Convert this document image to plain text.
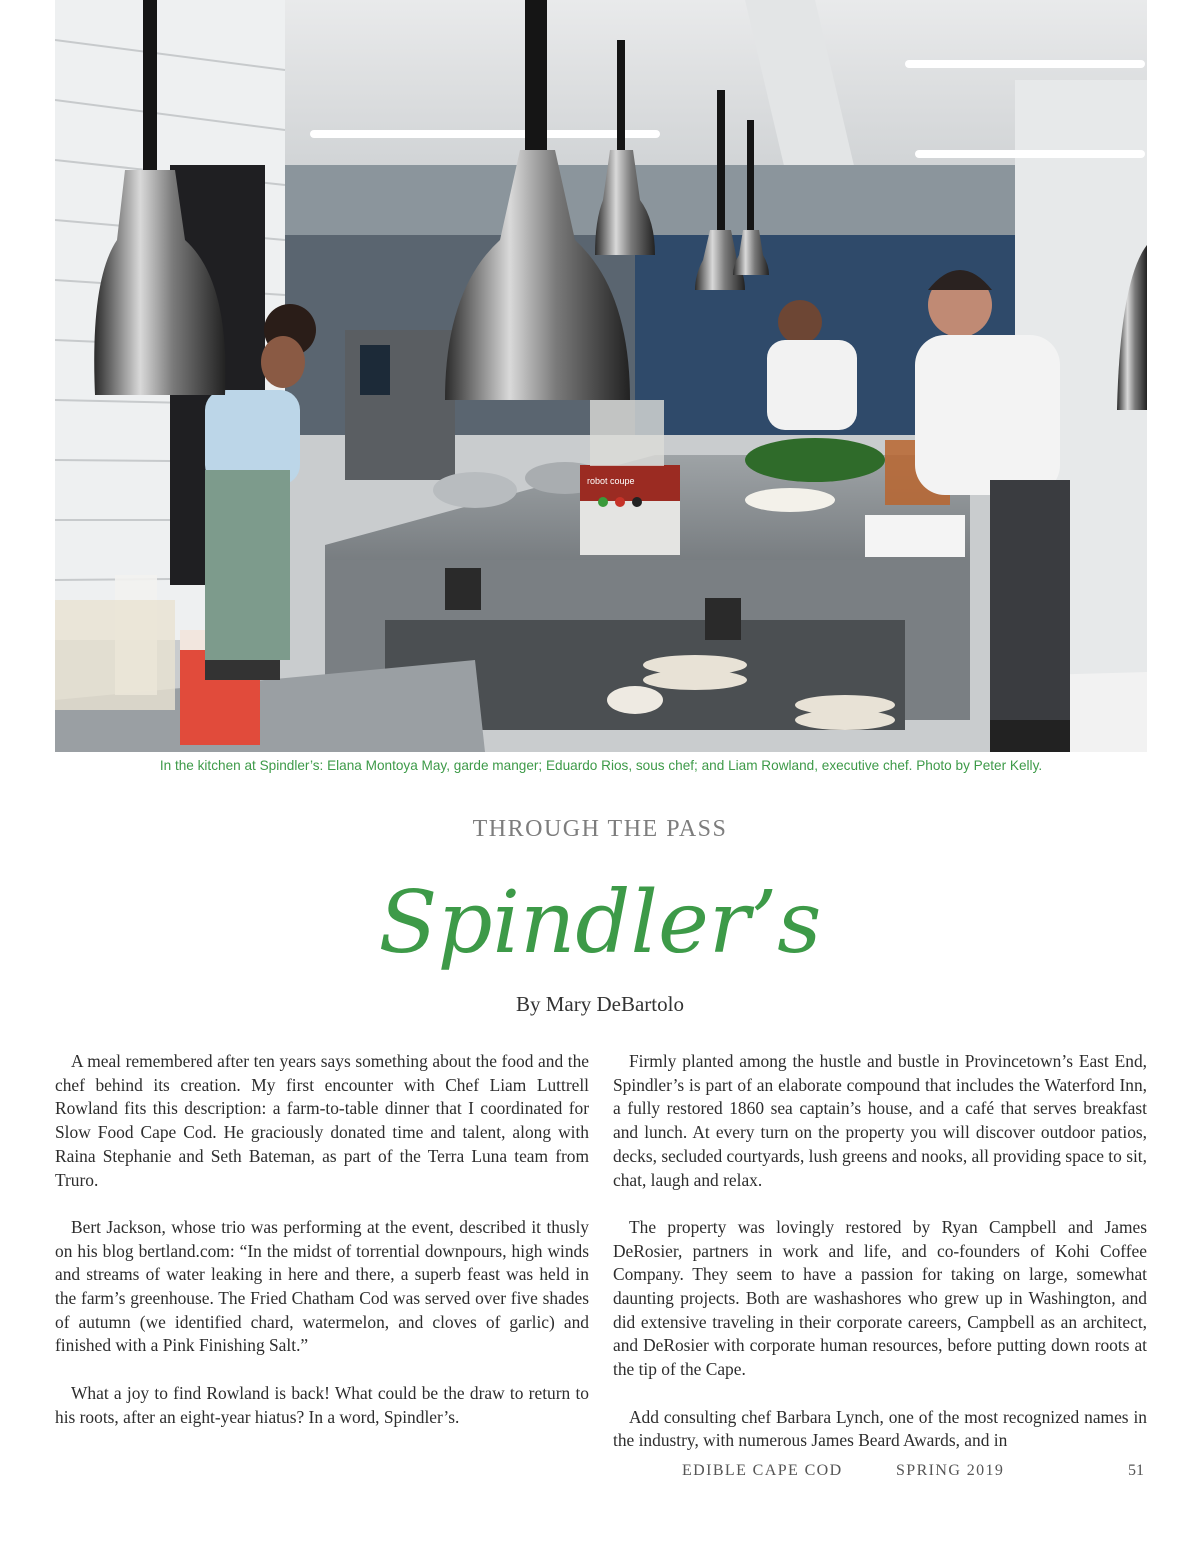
robot coupe
In the kitchen at Spindler’s: Elana Montoya May, garde manger; Eduardo Rios, sous chef; and Liam Rowland, executive chef. Photo by Peter Kelly.
THROUGH THE PASS
Spindler’s
By Mary DeBartolo

A meal remembered after ten years says something about the food and the chef behind its creation. My first encounter with Chef Liam Luttrell Rowland fits this description: a farm-to-table dinner that I coordinated for Slow Food Cape Cod. He graciously donated time and talent, along with Raina Stephanie and Seth Bateman, as part of the Terra Luna team from Truro.

Bert Jackson, whose trio was performing at the event, described it thusly on his blog bertland.com: “In the midst of torrential downpours, high winds and streams of water leaking in here and there, a superb feast was held in the farm’s greenhouse. The Fried Chatham Cod was served over five shades of autumn (we identified chard, watermelon, and cloves of garlic) and finished with a Pink Finishing Salt.”

What a joy to find Rowland is back! What could be the draw to return to his roots, after an eight-year hiatus? In a word, Spindler’s.

Firmly planted among the hustle and bustle in Provincetown’s East End, Spindler’s is part of an elaborate compound that includes the Waterford Inn, a fully restored 1860 sea captain’s house, and a café that serves breakfast and lunch. At every turn on the property you will discover outdoor patios, decks, secluded courtyards, lush greens and nooks, all providing space to sit, chat, laugh and relax.

The property was lovingly restored by Ryan Campbell and James DeRosier, partners in work and life, and co-founders of Kohi Coffee Company. They seem to have a passion for taking on large, somewhat daunting projects. Both are washashores who grew up in Washington, and did extensive traveling in their corporate careers, Campbell as an architect, and DeRosier with corporate human resources, before putting down roots at the tip of the Cape.

Add consulting chef Barbara Lynch, one of the most recognized names in the industry, with numerous James Beard Awards, and in

EDIBLE CAPE COD	SPRING 2019	51
